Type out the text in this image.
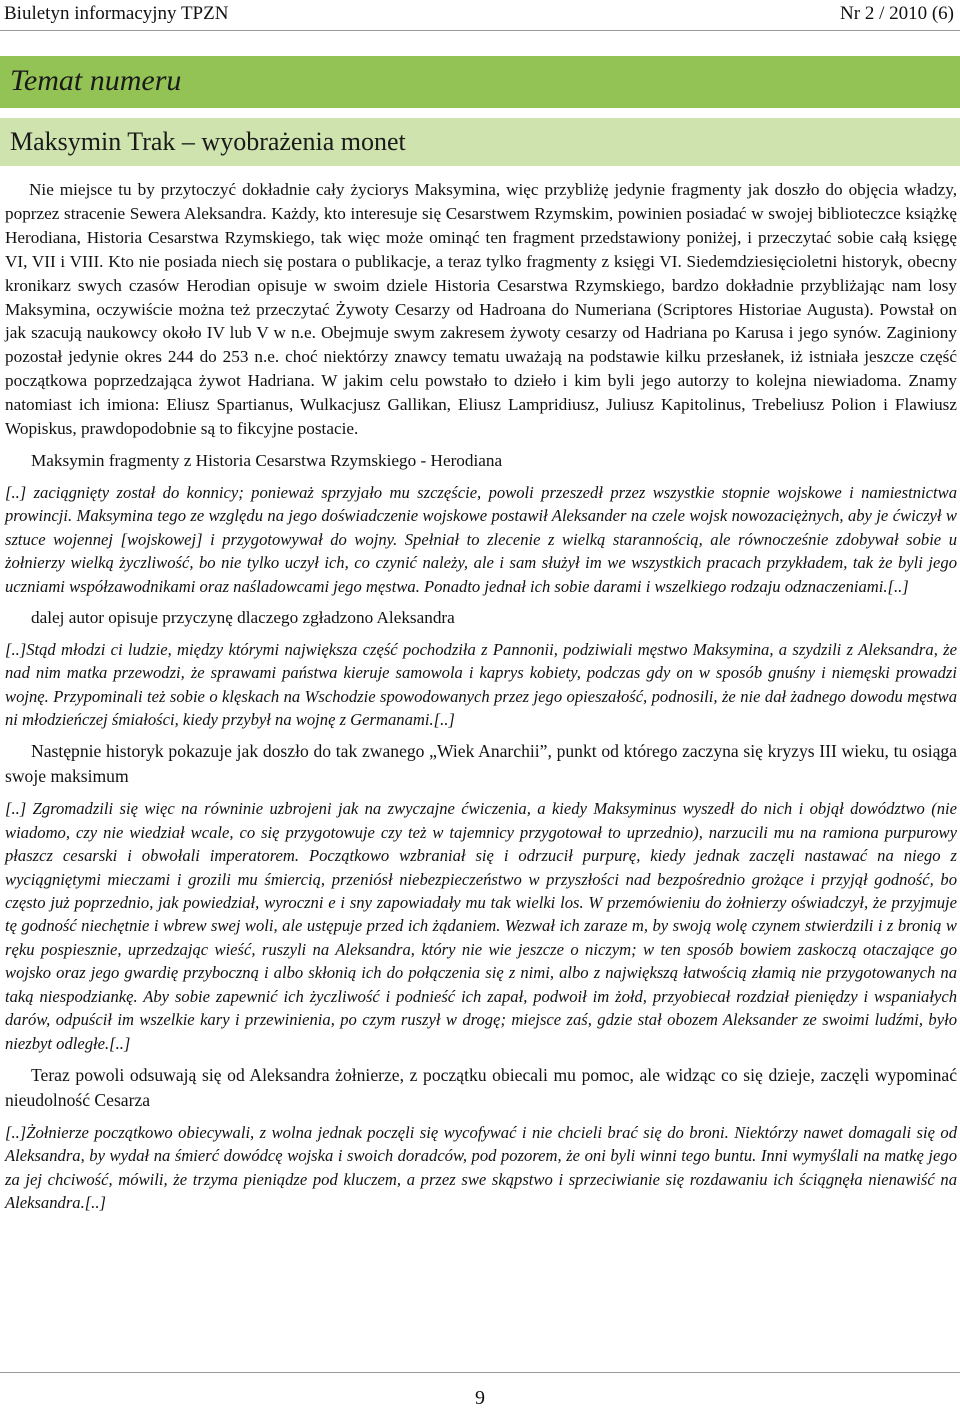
Biuletyn informacyjny TPZN	Nr 2 / 2010 (6)
Temat numeru
Maksymin Trak – wyobrażenia monet

Nie miejsce tu by przytoczyć dokładnie cały życiorys Maksymina, więc przybliżę jedynie fragmenty jak doszło do objęcia władzy, poprzez stracenie Sewera Aleksandra. Każdy, kto interesuje się Cesarstwem Rzymskim, powinien posiadać w swojej biblioteczce książkę Herodiana, Historia Cesarstwa Rzymskiego, tak więc może ominąć ten fragment przedstawiony poniżej, i przeczytać sobie całą księgę VI, VII i VIII. Kto nie posiada niech się postara o publikacje, a teraz tylko fragmenty z księgi VI. Siedemdziesięcioletni historyk, obecny kronikarz swych czasów Herodian opisuje w swoim dziele Historia Cesarstwa Rzymskiego, bardzo dokładnie przybliżając nam losy Maksymina, oczywiście można też przeczytać Żywoty Cesarzy od Hadroana do Numeriana (Scriptores Historiae Augusta). Powstał on jak szacują naukowcy około IV lub V w n.e. Obejmuje swym zakresem żywoty cesarzy od Hadriana po Karusa i jego synów. Zaginiony pozostał jedynie okres 244 do 253 n.e. choć niektórzy znawcy tematu uważają na podstawie kilku przesłanek, iż istniała jeszcze część początkowa poprzedzająca żywot Hadriana. W jakim celu powstało to dzieło i kim byli jego autorzy to kolejna niewiadoma. Znamy natomiast ich imiona: Eliusz Spartianus, Wulkacjusz Gallikan, Eliusz Lampridiusz, Juliusz Kapitolinus, Trebeliusz Polion i Flawiusz Wopiskus, prawdopodobnie są to fikcyjne postacie.

Maksymin fragmenty z Historia Cesarstwa Rzymskiego - Herodiana

[..] zaciągnięty został do konnicy; ponieważ sprzyjało mu szczęście, powoli przeszedł przez wszystkie stopnie wojskowe i namiestnictwa prowincji. Maksymina tego ze względu na jego doświadczenie wojskowe postawił Aleksander na czele wojsk nowozaciężnych, aby je ćwiczył w sztuce wojennej [wojskowej] i przygotowywał do wojny. Spełniał to zlecenie z wielką starannością, ale równocześnie zdobywał sobie u żołnierzy wielką życzliwość, bo nie tylko uczył ich, co czynić należy, ale i sam służył im we wszystkich pracach przykładem, tak że byli jego uczniami współzawodnikami oraz naśladowcami jego męstwa. Ponadto jednał ich sobie darami i wszelkiego rodzaju odznaczeniami.[..]

dalej autor opisuje przyczynę dlaczego zgładzono Aleksandra

[..]Stąd młodzi ci ludzie, między którymi największa część pochodziła z Pannonii, podziwiali męstwo Maksymina, a szydzili z Aleksandra, że nad nim matka przewodzi, że sprawami państwa kieruje samowola i kaprys kobiety, podczas gdy on w sposób gnuśny i niemęski prowadzi wojnę. Przypominali też sobie o klęskach na Wschodzie spowodowanych przez jego opieszałość, podnosili, że nie dał żadnego dowodu męstwa ni młodzieńczej śmiałości, kiedy przybył na wojnę z Germanami.[..]

Następnie historyk pokazuje jak doszło do tak zwanego „Wiek Anarchii”, punkt od którego zaczyna się kryzys III wieku, tu osiąga swoje maksimum

[..] Zgromadzili się więc na równinie uzbrojeni jak na zwyczajne ćwiczenia, a kiedy Maksyminus wyszedł do nich i objął dowództwo (nie wiadomo, czy nie wiedział wcale, co się przygotowuje czy też w tajemnicy przygotował to uprzednio), narzucili mu na ramiona purpurowy płaszcz cesarski i obwołali imperatorem. Początkowo wzbraniał się i odrzucił purpurę, kiedy jednak zaczęli nastawać na niego z wyciągniętymi mieczami i grozili mu śmiercią, przeniósł niebezpieczeństwo w przyszłości nad bezpośrednio grożące i przyjął godność, bo często już poprzednio, jak powiedział, wyroczni e i sny zapowiadały mu tak wielki los. W przemówieniu do żołnierzy oświadczył, że przyjmuje tę godność niechętnie i wbrew swej woli, ale ustępuje przed ich żądaniem. Wezwał ich zaraze m, by swoją wolę czynem stwierdzili i z bronią w ręku pospiesznie, uprzedzając wieść, ruszyli na Aleksandra, który nie wie jeszcze o niczym; w ten sposób bowiem zaskoczą otaczające go wojsko oraz jego gwardię przyboczną i albo skłonią ich do połączenia się z nimi, albo z największą łatwością złamią nie przygotowanych na taką niespodziankę. Aby sobie zapewnić ich życzliwość i podnieść ich zapał, podwoił im żołd, przyobiecał rozdział pieniędzy i wspaniałych darów, odpuścił im wszelkie kary i przewinienia, po czym ruszył w drogę; miejsce zaś, gdzie stał obozem Aleksander ze swoimi ludźmi, było niezbyt odległe.[..]

Teraz powoli odsuwają się od Aleksandra żołnierze, z początku obiecali mu pomoc, ale widząc co się dzieje, zaczęli wypominać nieudolność Cesarza

[..]Żołnierze początkowo obiecywali, z wolna jednak poczęli się wycofywać i nie chcieli brać się do broni. Niektórzy nawet domagali się od Aleksandra, by wydał na śmierć dowódcę wojska i swoich doradców, pod pozorem, że oni byli winni tego buntu. Inni wymyślali na matkę jego za jej chciwość, mówili, że trzyma pieniądze pod kluczem, a przez swe skąpstwo i sprzeciwianie się rozdawaniu ich ściągnęła nienawiść na Aleksandra.[..]

9
